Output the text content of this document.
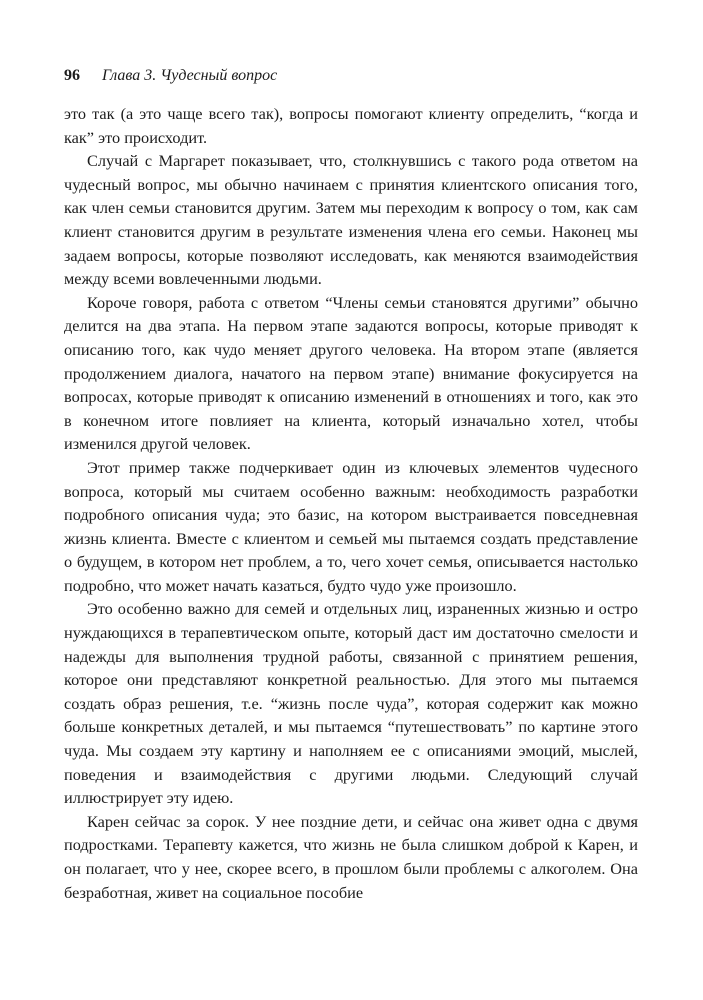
96 Глава 3. Чудесный вопрос

это так (а это чаще всего так), вопросы помогают клиенту определить, “когда и как” это происходит.

Случай с Маргарет показывает, что, столкнувшись с такого рода ответом на чудесный вопрос, мы обычно начинаем с принятия клиентского описания того, как член семьи становится другим. Затем мы переходим к вопросу о том, как сам клиент становится другим в результате изменения члена его семьи. Наконец мы задаем вопросы, которые позволяют исследовать, как меняются взаимодействия между всеми вовлеченными людьми.

Короче говоря, работа с ответом “Члены семьи становятся другими” обычно делится на два этапа. На первом этапе задаются вопросы, которые приводят к описанию того, как чудо меняет другого человека. На втором этапе (является продолжением диалога, начатого на первом этапе) внимание фокусируется на вопросах, которые приводят к описанию изменений в отношениях и того, как это в конечном итоге повлияет на клиента, который изначально хотел, чтобы изменился другой человек.

Этот пример также подчеркивает один из ключевых элементов чудесного вопроса, который мы считаем особенно важным: необходимость разработки подробного описания чуда; это базис, на котором выстраивается повседневная жизнь клиента. Вместе с клиентом и семьей мы пытаемся создать представление о будущем, в котором нет проблем, а то, чего хочет семья, описывается настолько подробно, что может начать казаться, будто чудо уже произошло.

Это особенно важно для семей и отдельных лиц, израненных жизнью и остро нуждающихся в терапевтическом опыте, который даст им достаточно смелости и надежды для выполнения трудной работы, связанной с принятием решения, которое они представляют конкретной реальностью. Для этого мы пытаемся создать образ решения, т.е. “жизнь после чуда”, которая содержит как можно больше конкретных деталей, и мы пытаемся “путешествовать” по картине этого чуда. Мы создаем эту картину и наполняем ее с описаниями эмоций, мыслей, поведения и взаимодействия с другими людьми. Следующий случай иллюстрирует эту идею.

Карен сейчас за сорок. У нее поздние дети, и сейчас она живет одна с двумя подростками. Терапевту кажется, что жизнь не была слишком доброй к Карен, и он полагает, что у нее, скорее всего, в прошлом были проблемы с алкоголем. Она безработная, живет на социальное пособие
